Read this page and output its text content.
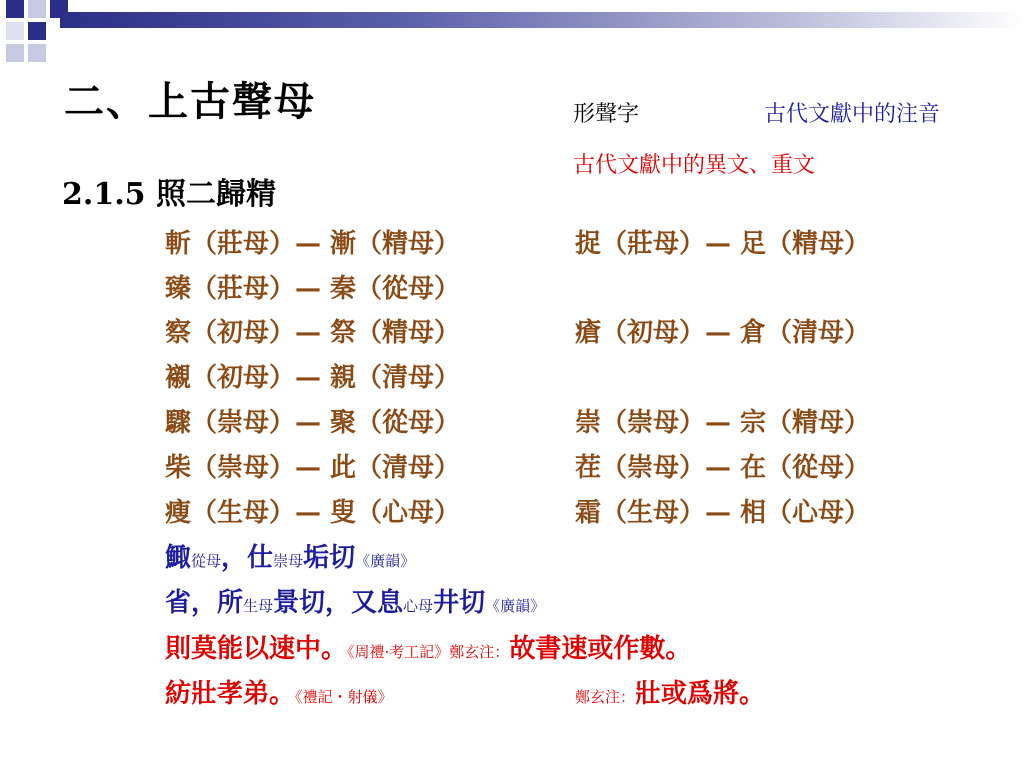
二、上古聲母	形聲字	古代文獻中的注音
古代文獻中的異文、重文
2.1.5 照二歸精
斬（莊母）— 漸（精母）	捉（莊母）— 足（精母）
臻（莊母）— 秦（從母）
察（初母）— 祭（精母）	瘡（初母）— 倉（清母）
襯（初母）— 親（清母）
驟（崇母）— 聚（從母）	崇（崇母）— 宗（精母）
柴（崇母）— 此（清母）	茬（崇母）— 在（從母）
瘦（生母）— 叟（心母）	霜（生母）— 相（心母）
鯫從母，仕崇母垢切《廣韻》
省，所生母景切，又息心母井切《廣韻》
則莫能以速中。《周禮·考工記》鄭玄注：故書速或作數。
紡壯孝弟。《禮記・射儀》	鄭玄注：壯或爲將。
